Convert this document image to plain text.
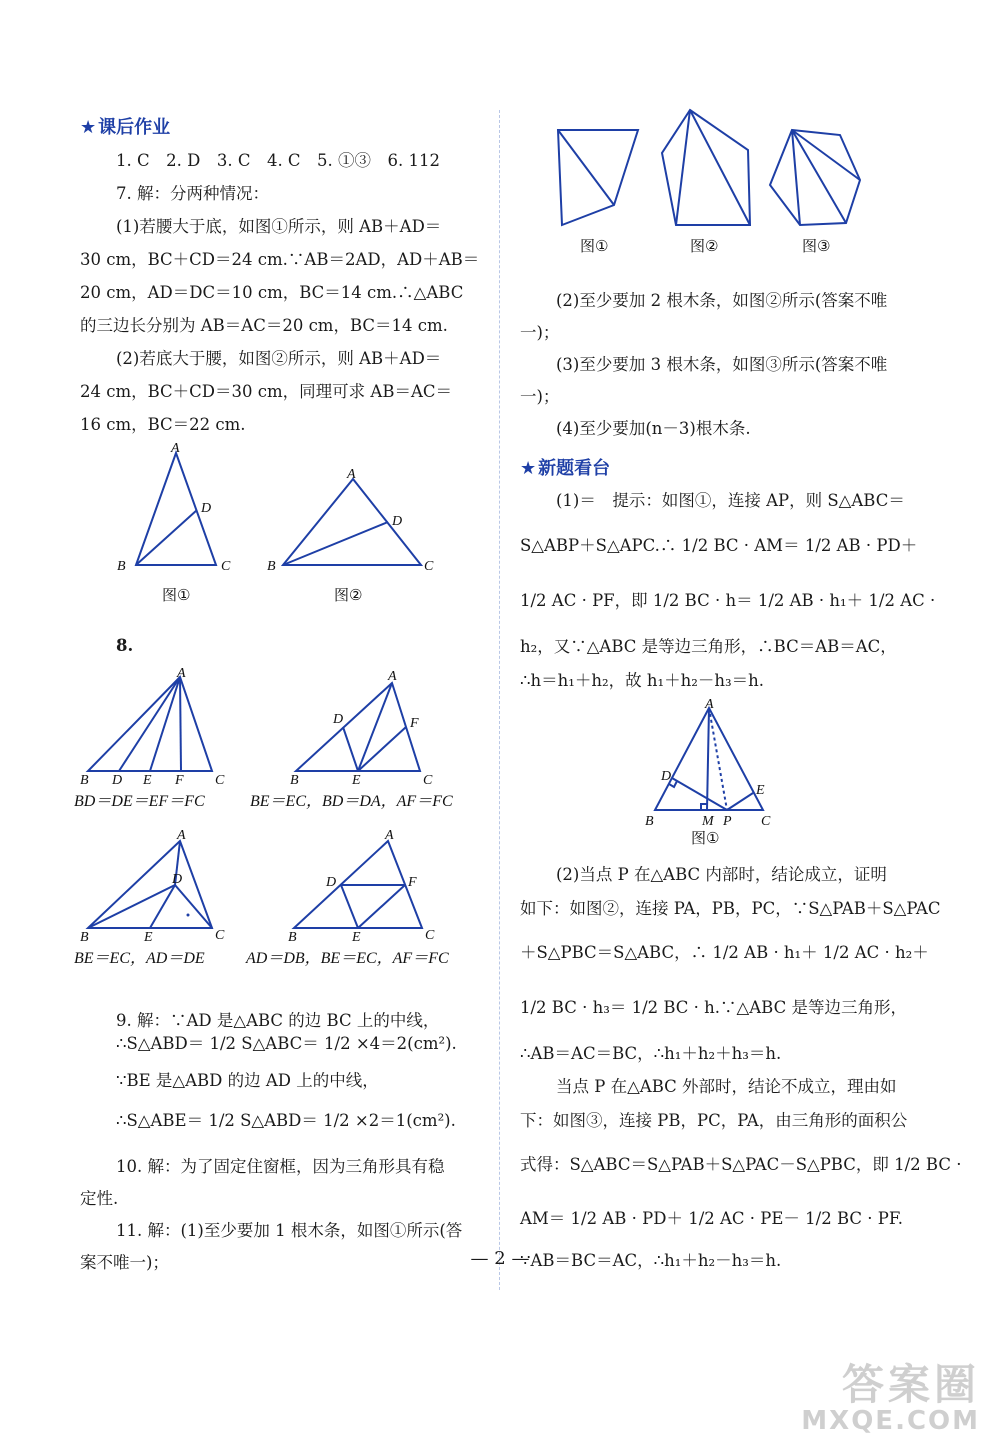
★ 课后作业
1. C　2. D　3. C　4. C　5. ①③　6. 112
7. 解：分两种情况：
(1)若腰大于底，如图①所示，则 AB＋AD＝
30 cm，BC＋CD＝24 cm.∵AB＝2AD，AD＋AB＝
20 cm，AD＝DC＝10 cm，BC＝14 cm.∴△ABC
的三边长分别为 AB＝AC＝20 cm，BC＝14 cm.
(2)若底大于腰，如图②所示，则 AB＋AD＝
24 cm，BC＋CD＝30 cm，同理可求 AB＝AC＝
16 cm，BC＝22 cm.
A
D
B	C
A
D
B	C
图①	图②
8.
A
B D E F C
A
D	F
B	E	C
A
D
B	E	C
A
D	F
B	E	C
BD＝DE＝EF＝FC	BE＝EC，BD＝DA，AF＝FC
BE＝EC，AD＝DE	AD＝DB，BE＝EC，AF＝FC
9. 解：∵AD 是△ABC 的边 BC 上的中线，
∴S△ABD＝ 1/2 S△ABC＝ 1/2 ×4＝2(cm²).
∵BE 是△ABD 的边 AD 上的中线，
∴S△ABE＝ 1/2 S△ABD＝ 1/2 ×2＝1(cm²).
10. 解：为了固定住窗框，因为三角形具有稳
定性.
11. 解：(1)至少要加 1 根木条，如图①所示(答
案不唯一)；
图①	图②	图③
(2)至少要加 2 根木条，如图②所示(答案不唯
一)；
(3)至少要加 3 根木条，如图③所示(答案不唯
一)；
(4)至少要加(n－3)根木条.
★ 新题看台
(1)＝　提示：如图①，连接 AP，则 S△ABC＝
S△ABP＋S△APC.∴ 1/2 BC · AM＝ 1/2 AB · PD＋
1/2 AC · PF，即 1/2 BC · h＝ 1/2 AB · h₁＋ 1/2 AC ·
h₂，又∵△ABC 是等边三角形，∴BC＝AB＝AC，
∴h＝h₁＋h₂，故 h₁＋h₂－h₃＝h.
A
D
E
B	M P C
图①
(2)当点 P 在△ABC 内部时，结论成立，证明
如下：如图②，连接 PA，PB，PC，∵S△PAB＋S△PAC
＋S△PBC＝S△ABC，∴ 1/2 AB · h₁＋ 1/2 AC · h₂＋
1/2 BC · h₃＝ 1/2 BC · h.∵△ABC 是等边三角形，
∴AB＝AC＝BC，∴h₁＋h₂＋h₃＝h.
当点 P 在△ABC 外部时，结论不成立，理由如
下：如图③，连接 PB，PC，PA，由三角形的面积公
式得：S△ABC＝S△PAB＋S△PAC－S△PBC，即 1/2 BC ·
AM＝ 1/2 AB · PD＋ 1/2 AC · PE－ 1/2 BC · PF.
∵AB＝BC＝AC，∴h₁＋h₂－h₃＝h.
— 2 —
答案圈
MXQE.COM
